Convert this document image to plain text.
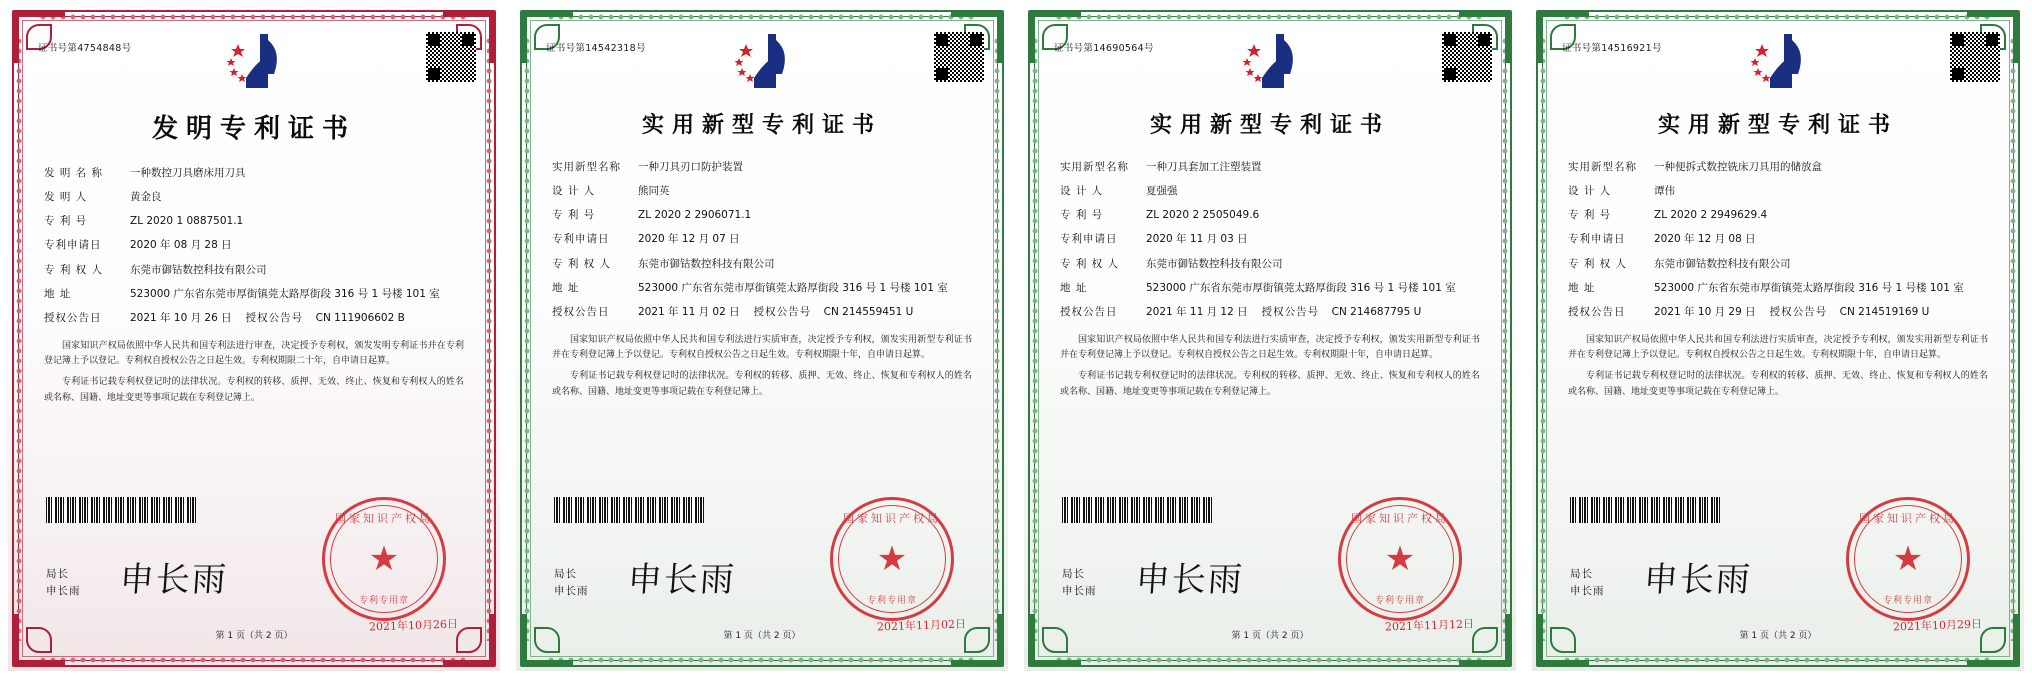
证书号第4754848号
发明专利证书
发 明 名 称	一种数控刀具磨床用刀具
发 明 人	黄金良
专 利 号	ZL 2020 1 0887501.1
专利申请日	2020 年 08 月 28 日
专 利 权 人	东莞市御钴数控科技有限公司
地 址	523000 广东省东莞市厚街镇莞太路厚街段 316 号 1 号楼 101 室
授权公告日	2021 年 10 月 26 日 授权公告号	CN 111906602 B

国家知识产权局依照中华人民共和国专利法进行审查，决定授予专利权，颁发发明专利证书并在专利登记簿上予以登记。专利权自授权公告之日起生效。专利权期限二十年，自申请日起算。

专利证书记载专利权登记时的法律状况。专利权的转移、质押、无效、终止、恢复和专利权人的姓名或名称、国籍、地址变更等事项记载在专利登记簿上。

局长
申长雨 申长雨
国家知识产权局
★
专利专用章
2021年10月26日
第 1 页（共 2 页）
证书号第14542318号
实用新型专利证书
实用新型名称	一种刀具刃口防护装置
设 计 人	熊同英
专 利 号	ZL 2020 2 2906071.1
专利申请日	2020 年 12 月 07 日
专 利 权 人	东莞市御钴数控科技有限公司
地 址	523000 广东省东莞市厚街镇莞太路厚街段 316 号 1 号楼 101 室
授权公告日	2021 年 11 月 02 日 授权公告号	CN 214559451 U

国家知识产权局依照中华人民共和国专利法进行实质审查，决定授予专利权，颁发实用新型专利证书并在专利登记簿上予以登记。专利权自授权公告之日起生效。专利权期限十年，自申请日起算。

专利证书记载专利权登记时的法律状况。专利权的转移、质押、无效、终止、恢复和专利权人的姓名或名称、国籍、地址变更等事项记载在专利登记簿上。

局长
申长雨 申长雨
国家知识产权局
★
专利专用章
2021年11月02日
第 1 页（共 2 页）
证书号第14690564号
实用新型专利证书
实用新型名称	一种刀具套加工注塑装置
设 计 人	夏强强
专 利 号	ZL 2020 2 2505049.6
专利申请日	2020 年 11 月 03 日
专 利 权 人	东莞市御钴数控科技有限公司
地 址	523000 广东省东莞市厚街镇莞太路厚街段 316 号 1 号楼 101 室
授权公告日	2021 年 11 月 12 日 授权公告号	CN 214687795 U

国家知识产权局依照中华人民共和国专利法进行实质审查，决定授予专利权，颁发实用新型专利证书并在专利登记簿上予以登记。专利权自授权公告之日起生效。专利权期限十年，自申请日起算。

专利证书记载专利权登记时的法律状况。专利权的转移、质押、无效、终止、恢复和专利权人的姓名或名称、国籍、地址变更等事项记载在专利登记簿上。

局长
申长雨 申长雨
国家知识产权局
★
专利专用章
2021年11月12日
第 1 页（共 2 页）
证书号第14516921号
实用新型专利证书
实用新型名称	一种便拆式数控铣床刀具用的储放盒
设 计 人	谭伟
专 利 号	ZL 2020 2 2949629.4
专利申请日	2020 年 12 月 08 日
专 利 权 人	东莞市御钴数控科技有限公司
地 址	523000 广东省东莞市厚街镇莞太路厚街段 316 号 1 号楼 101 室
授权公告日	2021 年 10 月 29 日 授权公告号	CN 214519169 U

国家知识产权局依照中华人民共和国专利法进行实质审查，决定授予专利权，颁发实用新型专利证书并在专利登记簿上予以登记。专利权自授权公告之日起生效。专利权期限十年，自申请日起算。

专利证书记载专利权登记时的法律状况。专利权的转移、质押、无效、终止、恢复和专利权人的姓名或名称、国籍、地址变更等事项记载在专利登记簿上。

局长
申长雨 申长雨
国家知识产权局
★
专利专用章
2021年10月29日
第 1 页（共 2 页）
